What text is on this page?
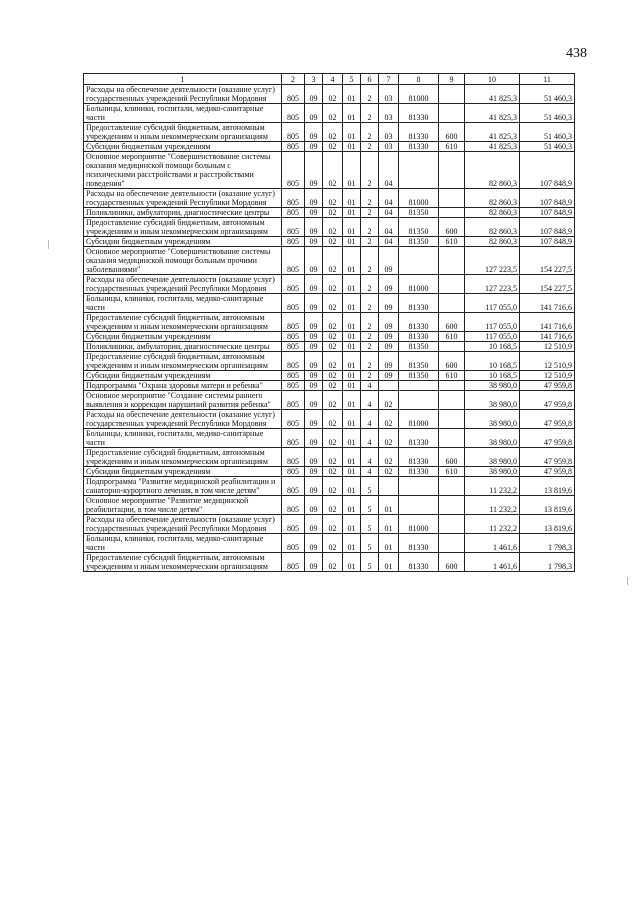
438
1	2	3	4	5	6	7	8	9	10	11
Расходы на обеспечение деятельности (оказание услуг) государственных учреждений Республики Мордовия	805	09	02	01	2	03	81000		41 825,3	51 460,3
Больницы, клиники, госпитали, медико-санитарные части	805	09	02	01	2	03	81330		41 825,3	51 460,3
Предоставление субсидий бюджетным, автономным учреждениям и иным некоммерческим организациям	805	09	02	01	2	03	81330	600	41 825,3	51 460,3
Субсидии бюджетным учреждениям	805	09	02	01	2	03	81330	610	41 825,3	51 460,3
Основное мероприятие "Совершенствование системы оказания медицинской помощи больным с психическими расстройствами и расстройствами поведения"	805	09	02	01	2	04			82 860,3	107 848,9
Расходы на обеспечение деятельности (оказание услуг) государственных учреждений Республики Мордовия	805	09	02	01	2	04	81000		82 860,3	107 848,9
Поликлиники, амбулатории, диагностические центры	805	09	02	01	2	04	81350		82 860,3	107 848,9
Предоставление субсидий бюджетным, автономным учреждениям и иным некоммерческим организациям	805	09	02	01	2	04	81350	600	82 860,3	107 848,9
Субсидии бюджетным учреждениям	805	09	02	01	2	04	81350	610	82 860,3	107 848,9
Основное мероприятие "Совершенствование системы оказания медицинской помощи больным прочими заболеваниями"	805	09	02	01	2	09			127 223,5	154 227,5
Расходы на обеспечение деятельности (оказание услуг) государственных учреждений Республики Мордовия	805	09	02	01	2	09	81000		127 223,5	154 227,5
Больницы, клиники, госпитали, медико-санитарные части	805	09	02	01	2	09	81330		117 055,0	141 716,6
Предоставление субсидий бюджетным, автономным учреждениям и иным некоммерческим организациям	805	09	02	01	2	09	81330	600	117 055,0	141 716,6
Субсидии бюджетным учреждениям	805	09	02	01	2	09	81330	610	117 055,0	141 716,6
Поликлиники, амбулатории, диагностические центры	805	09	02	01	2	09	81350		10 168,5	12 510,9
Предоставление субсидий бюджетным, автономным учреждениям и иным некоммерческим организациям	805	09	02	01	2	09	81350	600	10 168,5	12 510,9
Субсидии бюджетным учреждениям	805	09	02	01	2	09	81350	610	10 168,5	12 510,9
Подпрограмма "Охрана здоровья матери и ребенка"	805	09	02	01	4				38 980,0	47 959,8
Основное мероприятие "Создание системы раннего выявления и коррекции нарушений развития ребенка"	805	09	02	01	4	02			38 980,0	47 959,8
Расходы на обеспечение деятельности (оказание услуг) государственных учреждений Республики Мордовия	805	09	02	01	4	02	81000		38 980,0	47 959,8
Больницы, клиники, госпитали, медико-санитарные части	805	09	02	01	4	02	81330		38 980,0	47 959,8
Предоставление субсидий бюджетным, автономным учреждениям и иным некоммерческим организациям	805	09	02	01	4	02	81330	600	38 980,0	47 959,8
Субсидии бюджетным учреждениям	805	09	02	01	4	02	81330	610	38 980,0	47 959,8
Подпрограмма "Развитие медицинской реабилитации и санаторно-курортного лечения, в том числе детям"	805	09	02	01	5				11 232,2	13 819,6
Основное мероприятие "Развитие медицинской реабилитации, в том числе детям"	805	09	02	01	5	01			11 232,2	13 819,6
Расходы на обеспечение деятельности (оказание услуг) государственных учреждений Республики Мордовия	805	09	02	01	5	01	81000		11 232,2	13 819,6
Больницы, клиники, госпитали, медико-санитарные части	805	09	02	01	5	01	81330		1 461,6	1 798,3
Предоставление субсидий бюджетным, автономным учреждениям и иным некоммерческим организациям	805	09	02	01	5	01	81330	600	1 461,6	1 798,3
